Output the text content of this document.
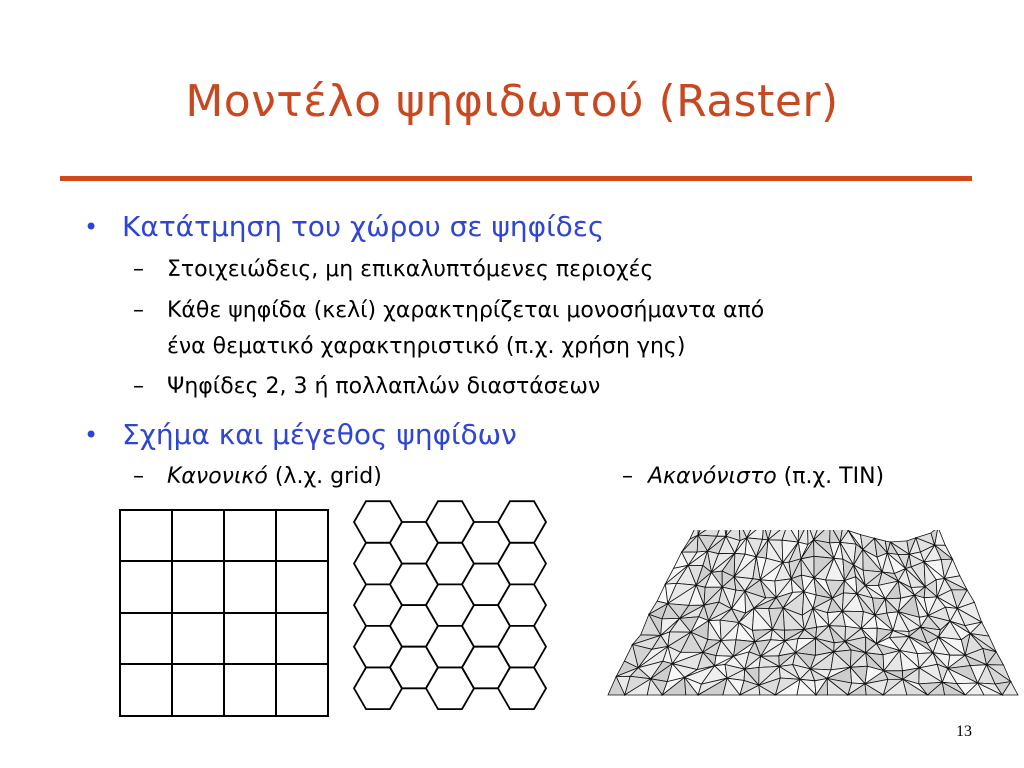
Μοντέλο ψηφιδωτού (Raster)
• Κατάτμηση του χώρου σε ψηφίδες
– Στοιχειώδεις, μη επικαλυπτόμενες περιοχές
– Κάθε ψηφίδα (κελί) χαρακτηρίζεται μονοσήμαντα από
ένα θεματικό χαρακτηριστικό (π.χ. χρήση γης)
– Ψηφίδες 2, 3 ή πολλαπλών διαστάσεων
• Σχήμα και μέγεθος ψηφίδων
– Κανονικό (λ.χ. grid)	– Ακανόνιστο (π.χ. TIN)
13
